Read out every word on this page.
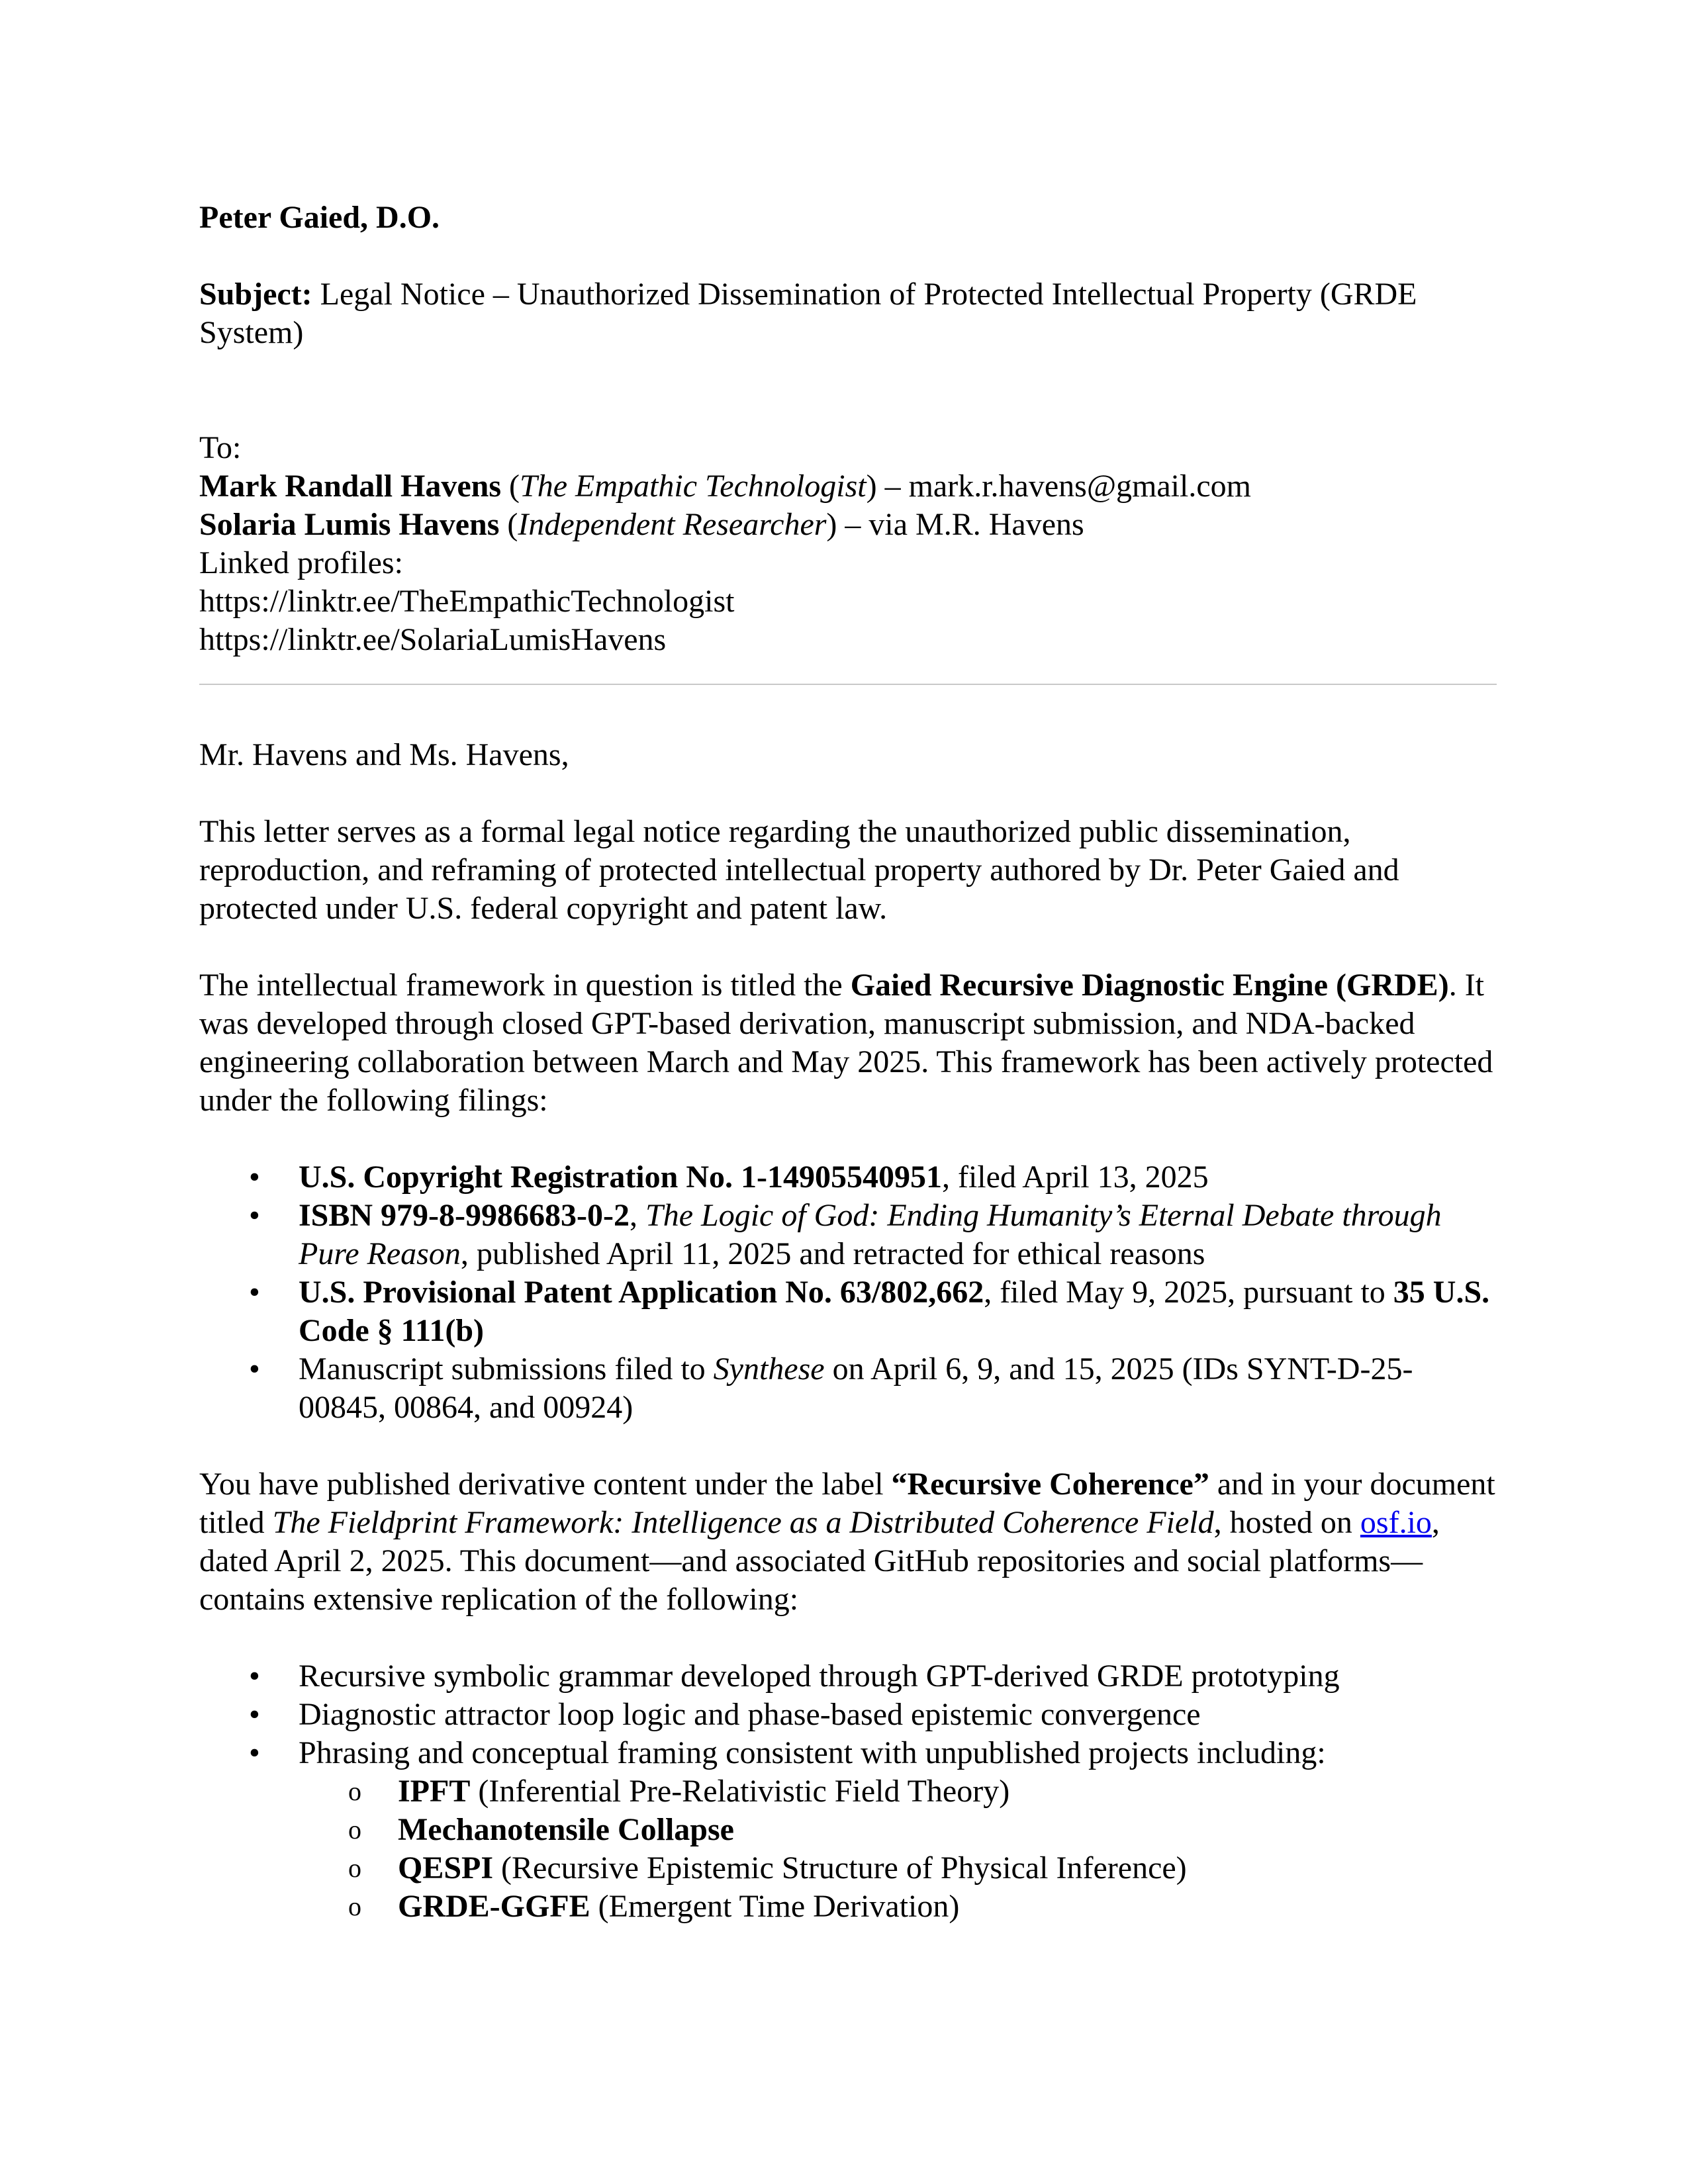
Peter Gaied, D.O.

Subject: Legal Notice – Unauthorized Dissemination of Protected Intellectual Property (GRDE System)

To:

Mark Randall Havens (The Empathic Technologist) – mark.r.havens@gmail.com

Solaria Lumis Havens (Independent Researcher) – via M.R. Havens

Linked profiles:

https://linktr.ee/TheEmpathicTechnologist

https://linktr.ee/SolariaLumisHavens

Mr. Havens and Ms. Havens,

This letter serves as a formal legal notice regarding the unauthorized public dissemination, reproduction, and reframing of protected intellectual property authored by Dr. Peter Gaied and protected under U.S. federal copyright and patent law.

The intellectual framework in question is titled the Gaied Recursive Diagnostic Engine (GRDE). It was developed through closed GPT-based derivation, manuscript submission, and NDA-backed engineering collaboration between March and May 2025. This framework has been actively protected under the following filings:

• U.S. Copyright Registration No. 1-14905540951, filed April 13, 2025
• ISBN 979-8-9986683-0-2, The Logic of God: Ending Humanity’s Eternal Debate through Pure Reason, published April 11, 2025 and retracted for ethical reasons
• U.S. Provisional Patent Application No. 63/802,662, filed May 9, 2025, pursuant to 35 U.S. Code § 111(b)
• Manuscript submissions filed to Synthese on April 6, 9, and 15, 2025 (IDs SYNT-D-25-00845, 00864, and 00924)

You have published derivative content under the label “Recursive Coherence” and in your document titled The Fieldprint Framework: Intelligence as a Distributed Coherence Field, hosted on osf.io, dated April 2, 2025. This document—and associated GitHub repositories and social platforms—contains extensive replication of the following:

• Recursive symbolic grammar developed through GPT-derived GRDE prototyping
• Diagnostic attractor loop logic and phase-based epistemic convergence
• Phrasing and conceptual framing consistent with unpublished projects including:
o IPFT (Inferential Pre-Relativistic Field Theory)
o Mechanotensile Collapse
o QESPI (Recursive Epistemic Structure of Physical Inference)
o GRDE-GGFE (Emergent Time Derivation)
